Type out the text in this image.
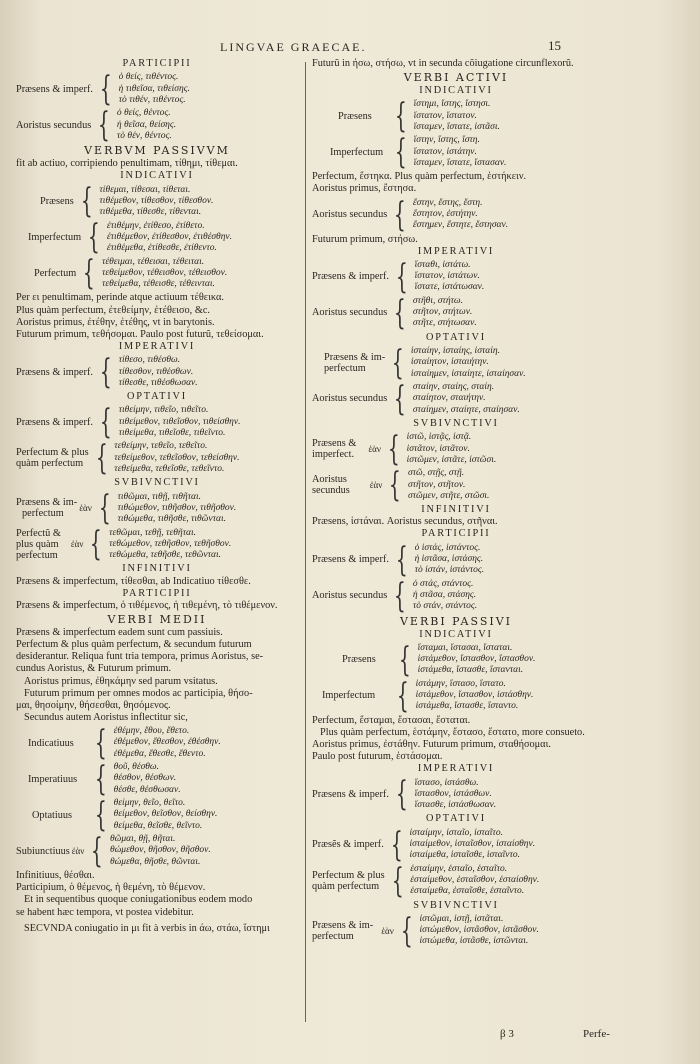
LINGVAE GRAECAE.	15
PARTICIPII
Præsens & imperf. { ὁ θείς, τιθέντος.
ἡ τιθεῖσα, τιθείσης.
τὸ τιθέν, τιθέντος.
Aoristus secundus { ὁ θείς, θέντος.
ἡ θεῖσα, θείσης.
τὸ θέν, θέντος.
VERBVM PASSIVVM
fit ab actiuo, corripiendo penultimam, τίθημι, τίθεμαι.
INDICATIVI
Præsens { τίθεμαι, τίθεσαι, τίθεται.
τιθέμεθον, τίθεσθον, τίθεσθον.
τιθέμεθα, τίθεσθε, τίθενται.
Imperfectum { ἐτιθέμην, ἐτίθεσο, ἐτίθετο.
ἐτιθέμεθον, ἐτίθεσθον, ἐτιθέσθην.
ἐτιθέμεθα, ἐτίθεσθε, ἐτίθεντο.
Perfectum { τέθειμαι, τέθεισαι, τέθειται.
τεθείμεθον, τέθεισθον, τέθεισθον.
τεθείμεθα, τέθεισθε, τέθεινται.
Per ει penultimam, perinde atque actiuum τέθεικα.
Plus quàm perfectum, ἐτεθείμην, ἐτέθεισο, &c.
Aoristus primus, ἐτέθην, ἐτέθης, vt in barytonis.
Futurum primum, τεθήσομαι. Paulo post futurũ, τεθείσομαι.
IMPERATIVI
Præsens & imperf. { τίθεσο, τιθέσθω.
τίθεσθον, τιθέσθων.
τίθεσθε, τιθέσθωσαν.
OPTATIVI
Præsens & imperf. { τιθείμην, τιθεῖο, τιθεῖτο.
τιθείμεθον, τιθεῖσθον, τιθείσθην.
τιθείμεθα, τιθεῖσθε, τιθεῖντο.
Perfectum & plus
quàm perfectum { τεθείμην, τεθεῖο, τεθεῖτο.
τεθείμεθον, τεθεῖσθον, τεθείσθην.
τεθείμεθα, τεθεῖσθε, τεθεῖντο.
SVBIVNCTIVI
Præsens & im-
perfectum	ἐὰν { τιθῶμαι, τιθῇ, τιθῆται.
τιθώμεθον, τιθῆσθον, τιθῆσθον.
τιθώμεθα, τιθῆσθε, τιθῶνται.
Perfectũ &
plus quàm
perfectum
ἐὰν { τεθῶμαι, τεθῇ, τεθῆται.
τεθώμεθον, τεθῆσθον, τεθῆσθον.
τεθώμεθα, τεθῆσθε, τεθῶνται.
INFINITIVI
Præsens & imperfectum, τίθεσθαι, ab Indicatiuo τίθεσθε.
PARTICIPII
Præsens & imperfectum, ὁ τιθέμενος, ἡ τιθεμένη, τὸ τιθέμενον.
VERBI MEDII
Præsens & imperfectum eadem sunt cum passiuis.
Perfectum & plus quàm perfectum, & secundum futurum
desiderantur. Reliqua funt tria tempora, primus Aoristus, se-
cundus Aoristus, & Futurum primum.
Aoristus primus, ἐθηκάμην sed parum vsitatus.
Futurum primum per omnes modos ac participia, θήσο-
μαι, θησοίμην, θήσεσθαι, θησόμενος.
Secundus autem Aoristus inflectitur sic,
Indicatiuus { ἐθέμην, ἔθου, ἔθετο.
ἐθέμεθον, ἔθεσθον, ἐθέσθην.
ἐθέμεθα, ἔθεσθε, ἔθεντο.
Imperatiuus { θοῦ, θέσθω.
θέσθον, θέσθων.
θέσθε, θέσθωσαν.
Optatiuus { θείμην, θεῖο, θεῖτο.
θείμεθον, θεῖσθον, θείσθην.
θείμεθα, θεῖσθε, θεῖντο.
Subiunctiuus ἐὰν { θῶμαι, θῇ, θῆται.
θώμεθον, θῆσθον, θῆσθον.
θώμεθα, θῆσθε, θῶνται.
Infinitiuus, θέσθαι.
Participium, ὁ θέμενος, ἡ θεμένη, τὸ θέμενον.
Et in sequentibus quoque coniugationibus eodem modo
se habent hæc tempora, vt postea videbitur.
SECVNDA coniugatio in μι fit à verbis in άω, στάω, ἵστημι
Futurũ in ήσω, στήσω, vt in secunda cõiugatione circunflexorũ.
VERBI ACTIVI
INDICATIVI
Præsens { ἵστημι, ἵστης, ἵστησι.
ἵστατον, ἵστατον.
ἵσταμεν, ἵστατε, ἱστᾶσι.
Imperfectum { ἵστην, ἵστης, ἵστη.
ἵστατον, ἱστάτην.
ἵσταμεν, ἵστατε, ἵστασαν.
Perfectum, ἕστηκα. Plus quàm perfectum, ἑστήκειν.
Aoristus primus, ἔστησα.
Aoristus secundus { ἔστην, ἔστης, ἔστη.
ἔστητον, ἐστήτην.
ἔστημεν, ἔστητε, ἔστησαν.
Futurum primum, στήσω.
IMPERATIVI
Præsens & imperf. { ἵσταθι, ἱστάτω.
ἵστατον, ἱστάτων.
ἵστατε, ἱστάτωσαν.
Aoristus secundus { στῆθι, στήτω.
στῆτον, στήτων.
στῆτε, στήτωσαν.
OPTATIVI
Præsens & im-
perfectum { ἱσταίην, ἱσταίης, ἱσταίη.
ἱσταίητον, ἱσταιήτην.
ἱσταίημεν, ἱσταίητε, ἱσταίησαν.
Aoristus secundus { σταίην, σταίης, σταίη.
σταίητον, σταιήτην.
σταίημεν, σταίητε, σταίησαν.
SVBIVNCTIVI
Præsens &
imperfect.	ἐὰν { ἱστῶ, ἱστᾷς, ἱστᾷ.
ἱστᾶτον, ἱστᾶτον.
ἱστῶμεν, ἱστᾶτε, ἱστῶσι.
Aoristus
secundus	ἐὰν { στῶ, στῇς, στῇ.
στῆτον, στῆτον.
στῶμεν, στῆτε, στῶσι.
INFINITIVI
Præsens, ἱστάναι. Aoristus secundus, στῆναι.
PARTICIPII
Præsens & imperf. { ὁ ἱστάς, ἱστάντος.
ἡ ἱστᾶσα, ἱστάσης.
τὸ ἱστάν, ἱστάντος.
Aoristus secundus { ὁ στάς, στάντος.
ἡ στᾶσα, στάσης.
τὸ στάν, στάντος.
VERBI PASSIVI
INDICATIVI
Præsens { ἵσταμαι, ἵστασαι, ἵσταται.
ἱστάμεθον, ἵστασθον, ἵστασθον.
ἱστάμεθα, ἵστασθε, ἵστανται.
Imperfectum { ἱστάμην, ἵστασο, ἵστατο.
ἱστάμεθον, ἵστασθον, ἱστάσθην.
ἱστάμεθα, ἵστασθε, ἵσταντο.
Perfectum, ἕσταμαι, ἕστασαι, ἕσταται.
Plus quàm perfectum, ἑστάμην, ἕστασο, ἕστατο, more consueto.
Aoristus primus, ἐστάθην. Futurum primum, σταθήσομαι.
Paulo post futurum, ἑστάσομαι.
IMPERATIVI
Præsens & imperf. { ἵστασο, ἱστάσθω.
ἵστασθον, ἱστάσθων.
ἵστασθε, ἱστάσθωσαν.
OPTATIVI
Præsẽs & imperf. { ἱσταίμην, ἱσταῖο, ἱσταῖτο.
ἱσταίμεθον, ἱσταῖσθον, ἱσταίσθην.
ἱσταίμεθα, ἱσταῖσθε, ἱσταῖντο.
Perfectum & plus
quàm perfectum { ἑσταίμην, ἑσταῖο, ἑσταῖτο.
ἑσταίμεθον, ἑσταῖσθον, ἑσταίσθην.
ἑσταίμεθα, ἑσταῖσθε, ἑσταῖντο.
SVBIVNCTIVI
Præsens & im-
perfectum	ἐὰν { ἱστῶμαι, ἱστῇ, ἱστᾶται.
ἱστώμεθον, ἱστᾶσθον, ἱστᾶσθον.
ἱστώμεθα, ἱστᾶσθε, ἱστῶνται.
β 3	Perfe-
